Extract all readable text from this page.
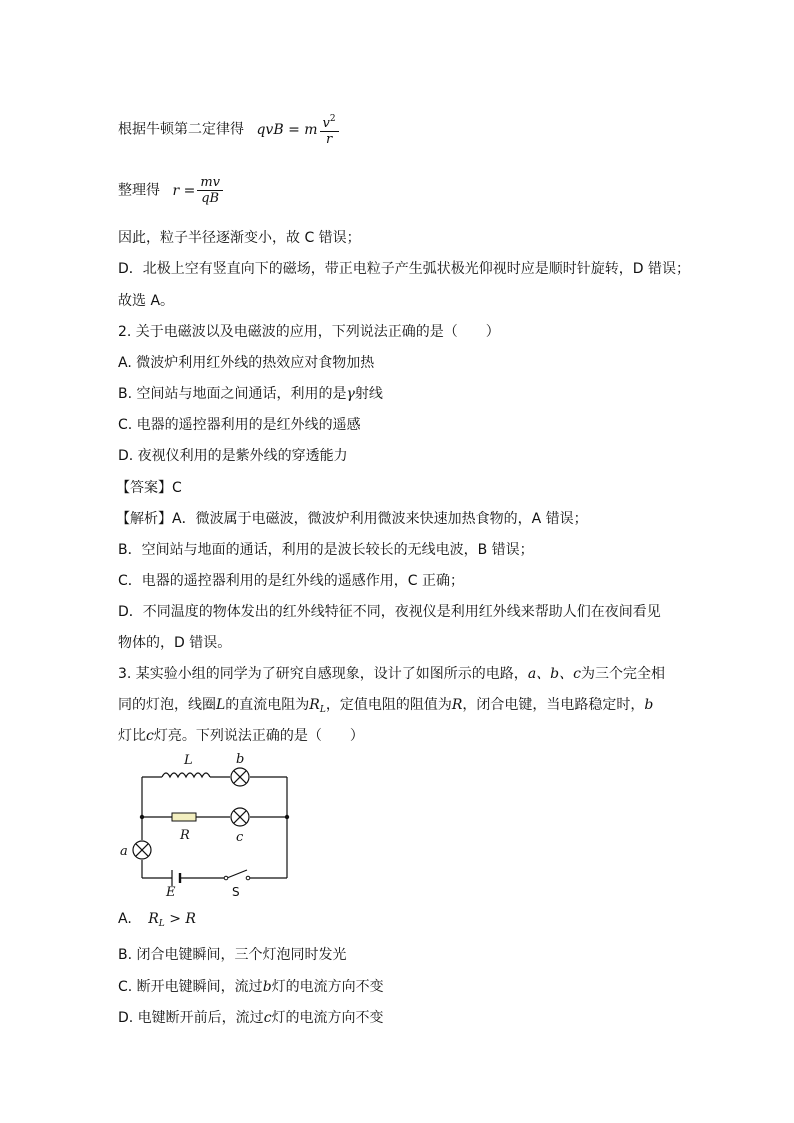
根据牛顿第二定律得 qvB = m $\frac{v^2}{r}$
整理得 $r = \frac{mv}{qB}$
因此，粒子半径逐渐变小，故 C 错误；
D．北极上空有竖直向下的磁场，带正电粒子产生弧状极光仰视时应是顺时针旋转，D 错误；
故选 A。
2. 关于电磁波以及电磁波的应用，下列说法正确的是（　　）
A. 微波炉利用红外线的热效应对食物加热
B. 空间站与地面之间通话，利用的是γ射线
C. 电器的遥控器利用的是红外线的遥感
D. 夜视仪利用的是紫外线的穿透能力
【答案】C
【解析】A．微波属于电磁波，微波炉利用微波来快速加热食物的，A 错误；
B．空间站与地面的通话，利用的是波长较长的无线电波，B 错误；
C．电器的遥控器利用的是红外线的遥感作用，C 正确；
D．不同温度的物体发出的红外线特征不同，夜视仪是利用红外线来帮助人们在夜间看见
物体的，D 错误。
3. 某实验小组的同学为了研究自感现象，设计了如图所示的电路，a、b、c为三个完全相
同的灯泡，线圈L的直流电阻为$R_L$，定值电阻的阻值为R，闭合电键，当电路稳定时，b
灯比c灯亮。下列说法正确的是（　　）
L	b
R	c
a
E	S
A. $R_L > R$
B. 闭合电键瞬间，三个灯泡同时发光
C. 断开电键瞬间，流过b灯的电流方向不变
D. 电键断开前后，流过c灯的电流方向不变
